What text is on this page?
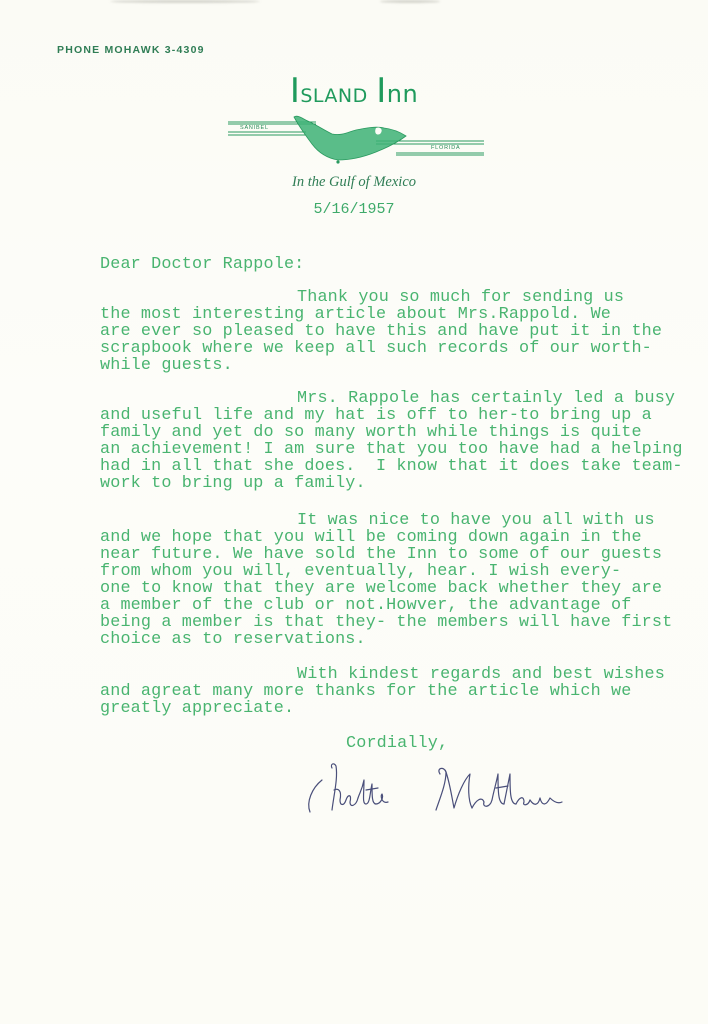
PHONE MOHAWK 3-4309
ISLAND Inn
SANIBEL
FLORIDA
In the Gulf of Mexico
5/16/1957
Dear Doctor Rappole:
Thank you so much for sending us
the most interesting article about Mrs.Rappold. We
are ever so pleased to have this and have put it in the
scrapbook where we keep all such records of our worth-
while guests.
Mrs. Rappole has certainly led a busy
and useful life and my hat is off to her-to bring up a
family and yet do so many worth while things is quite
an achievement! I am sure that you too have had a helping
had in all that she does.  I know that it does take team-
work to bring up a family.
It was nice to have you all with us
and we hope that you will be coming down again in the
near future. We have sold the Inn to some of our guests
from whom you will, eventually, hear. I wish every-
one to know that they are welcome back whether they are
a member of the club or not.Howver, the advantage of
being a member is that they- the members will have first
choice as to reservations.
With kindest regards and best wishes
and agreat many more thanks for the article which we
greatly appreciate.
Cordially,
